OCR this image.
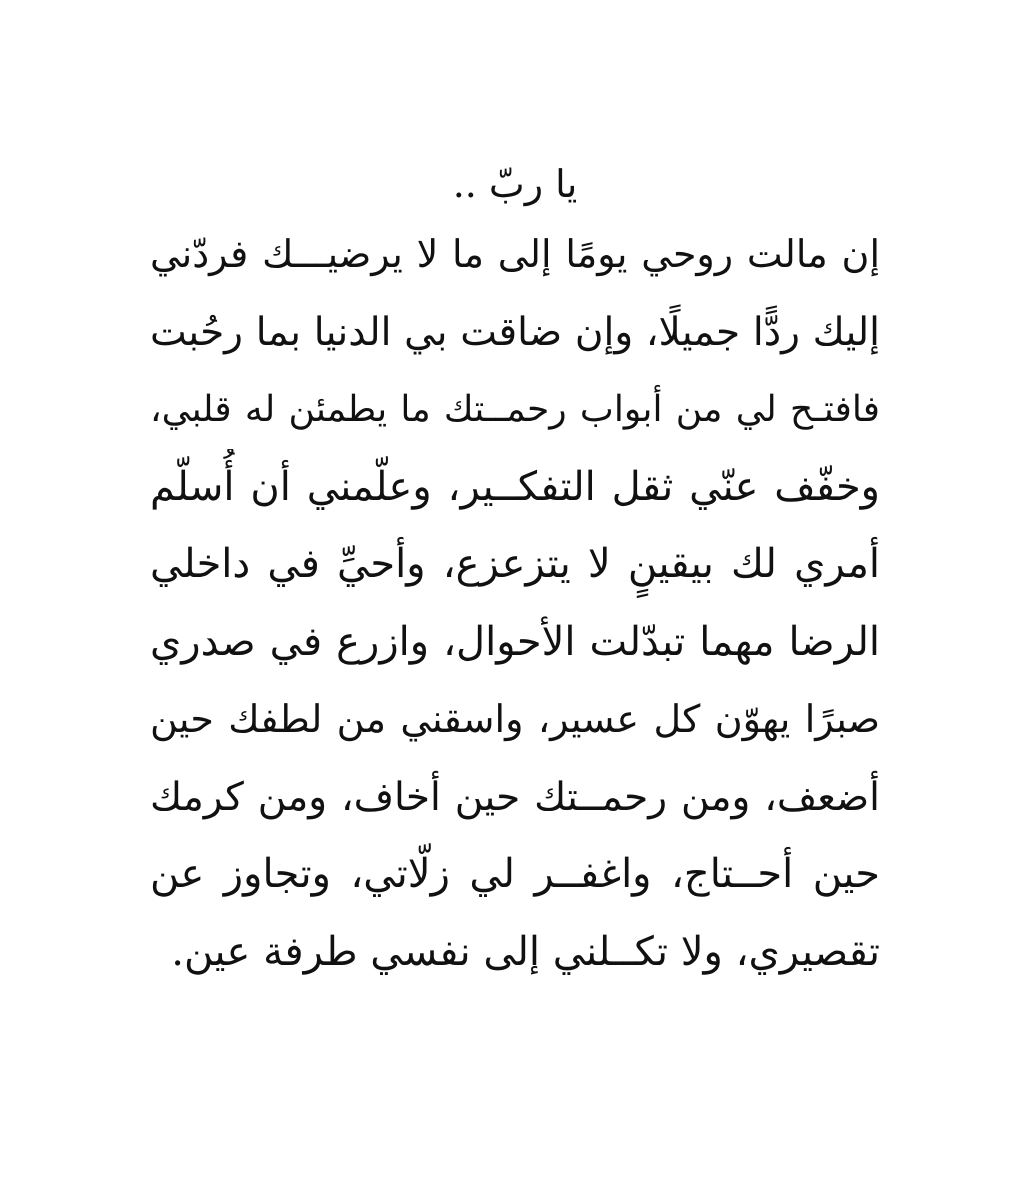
يا ربّ ..
إن مالت روحي يومًا إلى ما لا يرضيـــك فردّني
إليك ردًّا جميلًا، وإن ضاقت بي الدنيا بما رحُبت
فافتـح لي من أبواب رحمــتك ما يطمئن له قلبي،
وخفّف عنّي ثقل التفكــير، وعلّمني أن أُسلّم
أمري لك بيقينٍ لا يتزعزع، وأحيِّ في داخلي
الرضا مهما تبدّلت الأحوال، وازرع في صدري
صبرًا يهوّن كل عسير، واسقني من لطفك حين
أضعف، ومن رحمــتك حين أخاف، ومن كرمك
حين أحــتاج، واغفــر لي زلّاتي، وتجاوز عن
تقصيري، ولا تكــلني إلى نفسي طرفة عين.
